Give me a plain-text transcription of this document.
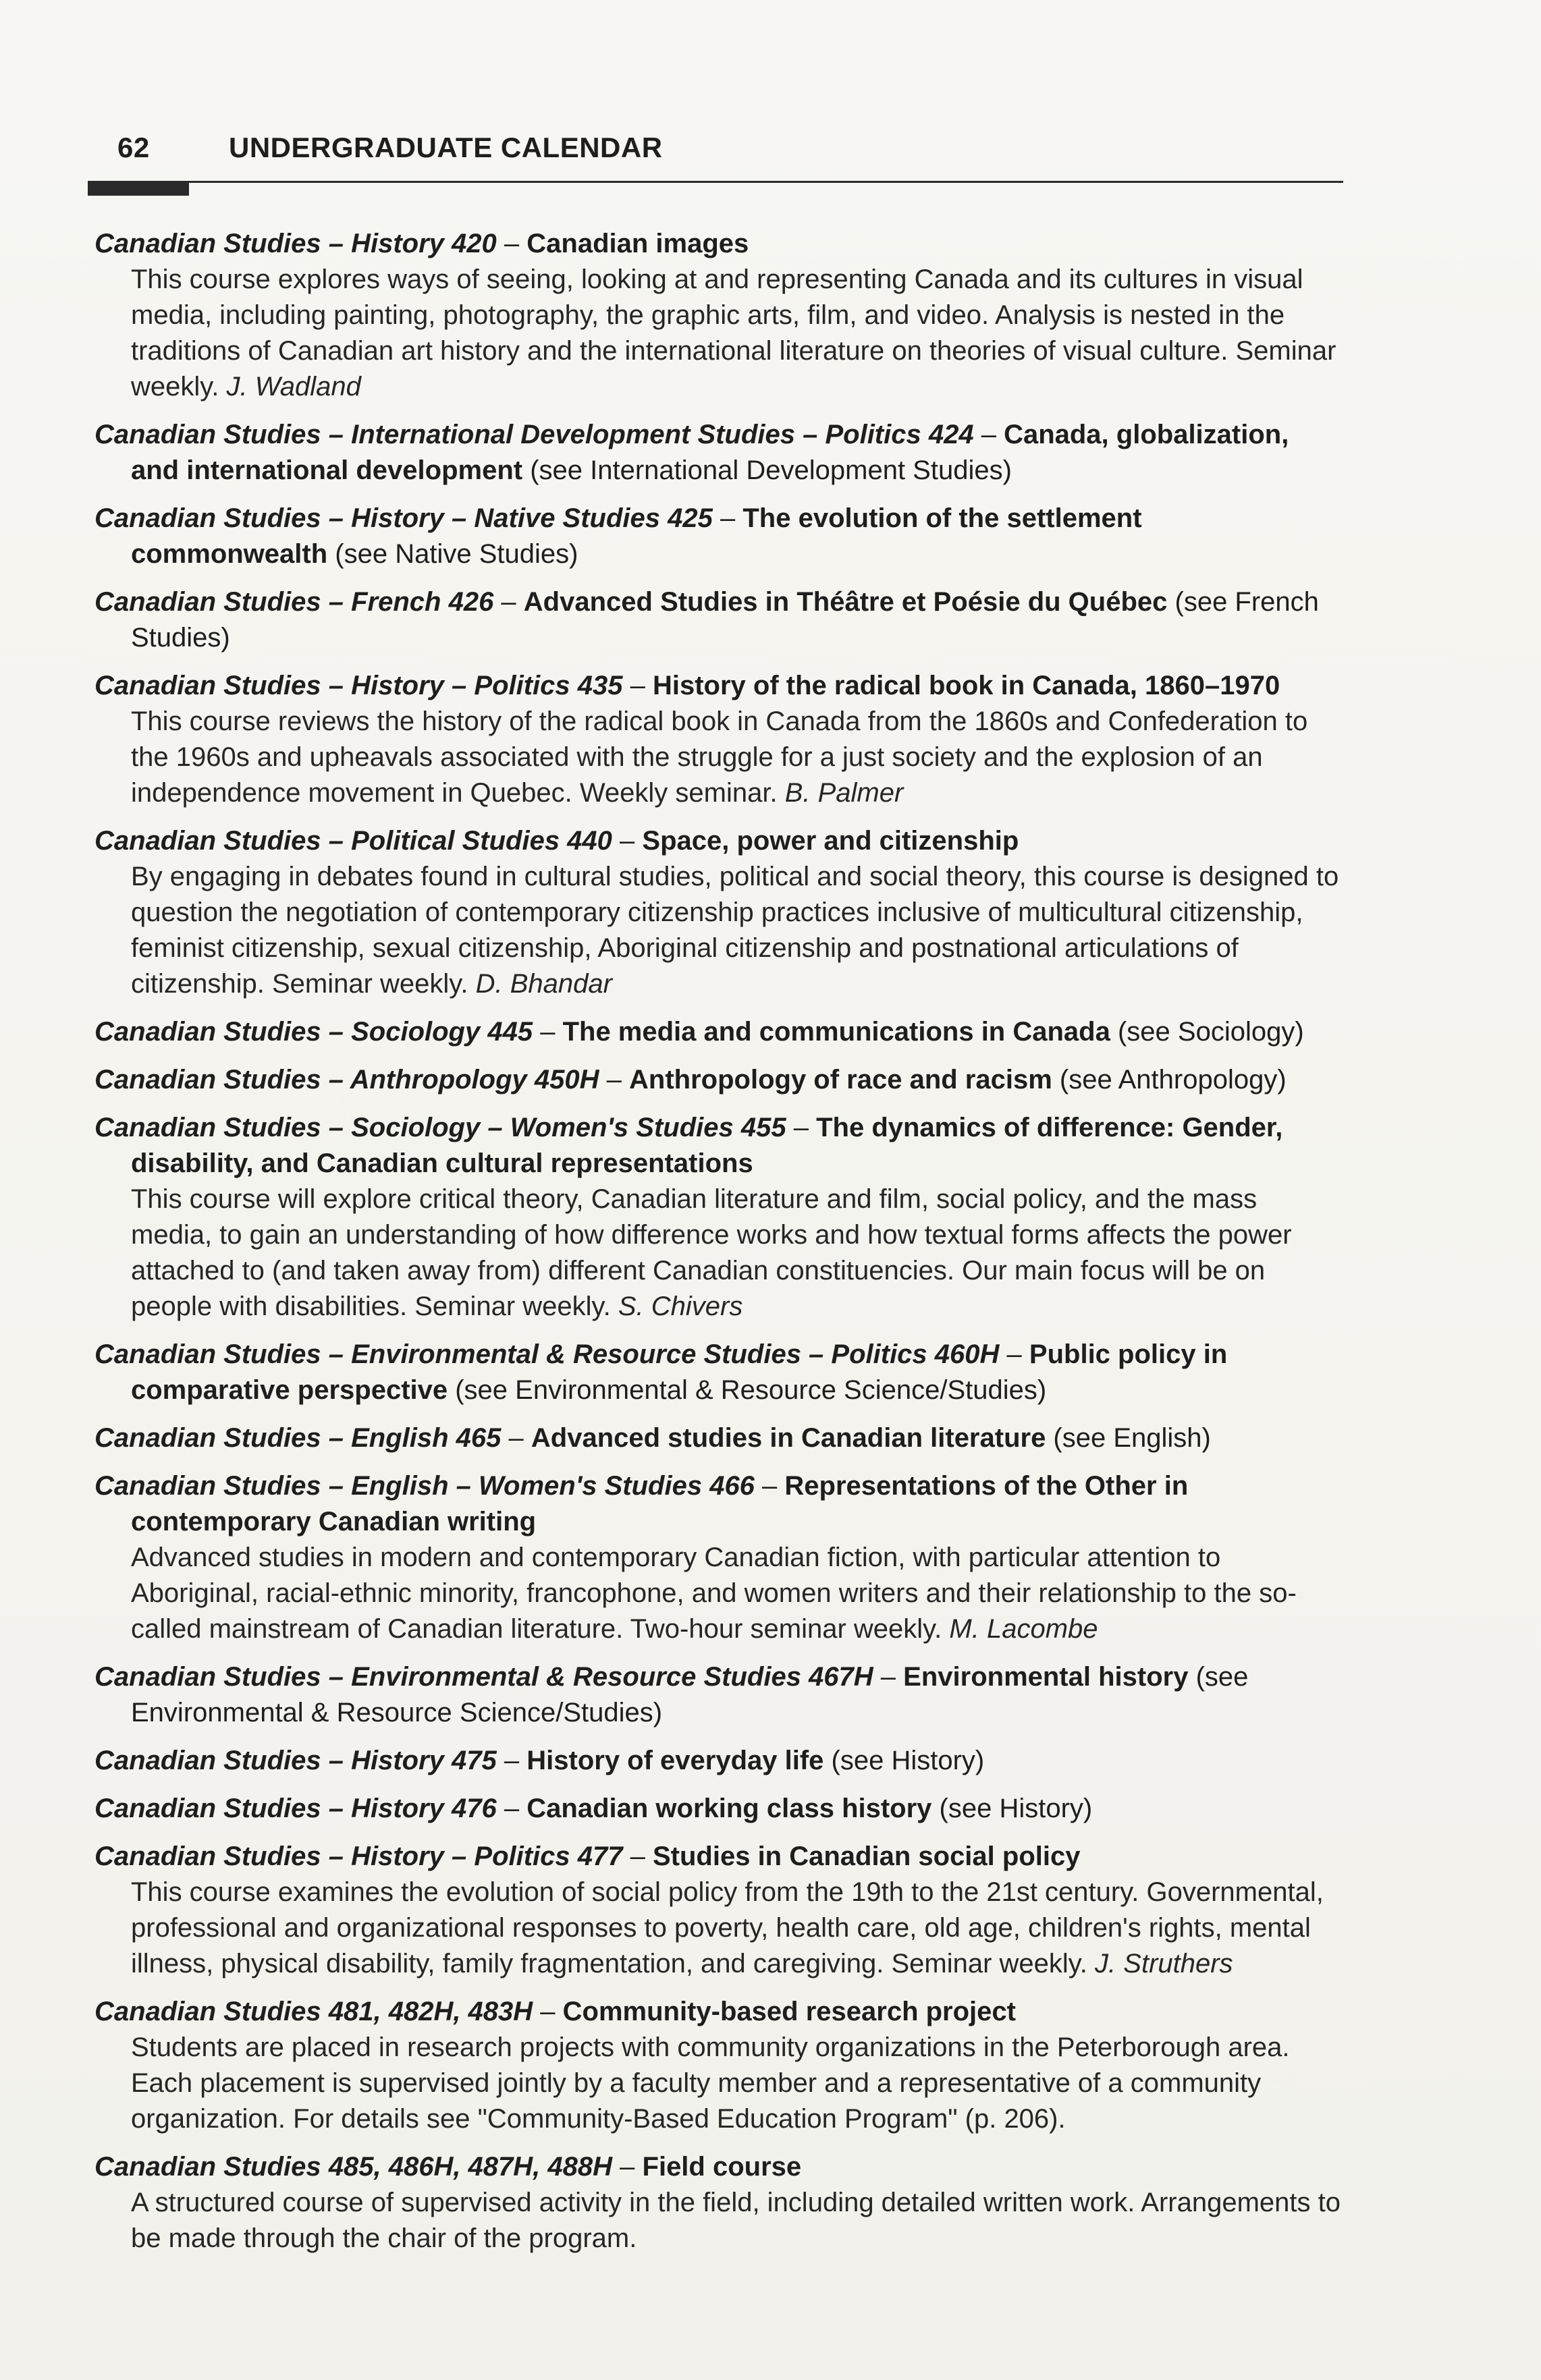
62	UNDERGRADUATE CALENDAR
Canadian Studies – History 420 – Canadian images
This course explores ways of seeing, looking at and representing Canada and its cultures in visual media, including painting, photography, the graphic arts, film, and video. Analysis is nested in the traditions of Canadian art history and the international literature on theories of visual culture. Seminar weekly. J. Wadland
Canadian Studies – International Development Studies – Politics 424 – Canada, globalization, and international development (see International Development Studies)
Canadian Studies – History – Native Studies 425 – The evolution of the settlement commonwealth (see Native Studies)
Canadian Studies – French 426 – Advanced Studies in Théâtre et Poésie du Québec (see French Studies)
Canadian Studies – History – Politics 435 – History of the radical book in Canada, 1860–1970
This course reviews the history of the radical book in Canada from the 1860s and Confederation to the 1960s and upheavals associated with the struggle for a just society and the explosion of an independence movement in Quebec. Weekly seminar. B. Palmer
Canadian Studies – Political Studies 440 – Space, power and citizenship
By engaging in debates found in cultural studies, political and social theory, this course is designed to question the negotiation of contemporary citizenship practices inclusive of multicultural citizenship, feminist citizenship, sexual citizenship, Aboriginal citizenship and postnational articulations of citizenship. Seminar weekly. D. Bhandar
Canadian Studies – Sociology 445 – The media and communications in Canada (see Sociology)
Canadian Studies – Anthropology 450H – Anthropology of race and racism (see Anthropology)
Canadian Studies – Sociology – Women's Studies 455 – The dynamics of difference: Gender, disability, and Canadian cultural representations
This course will explore critical theory, Canadian literature and film, social policy, and the mass media, to gain an understanding of how difference works and how textual forms affects the power attached to (and taken away from) different Canadian constituencies. Our main focus will be on people with disabilities. Seminar weekly. S. Chivers
Canadian Studies – Environmental & Resource Studies – Politics 460H – Public policy in comparative perspective (see Environmental & Resource Science/Studies)
Canadian Studies – English 465 – Advanced studies in Canadian literature (see English)
Canadian Studies – English – Women's Studies 466 – Representations of the Other in contemporary Canadian writing
Advanced studies in modern and contemporary Canadian fiction, with particular attention to Aboriginal, racial-ethnic minority, francophone, and women writers and their relationship to the so-called mainstream of Canadian literature. Two-hour seminar weekly. M. Lacombe
Canadian Studies – Environmental & Resource Studies 467H – Environmental history (see Environmental & Resource Science/Studies)
Canadian Studies – History 475 – History of everyday life (see History)
Canadian Studies – History 476 – Canadian working class history (see History)
Canadian Studies – History – Politics 477 – Studies in Canadian social policy
This course examines the evolution of social policy from the 19th to the 21st century. Governmental, professional and organizational responses to poverty, health care, old age, children's rights, mental illness, physical disability, family fragmentation, and caregiving. Seminar weekly. J. Struthers
Canadian Studies 481, 482H, 483H – Community-based research project
Students are placed in research projects with community organizations in the Peterborough area. Each placement is supervised jointly by a faculty member and a representative of a community organization. For details see "Community-Based Education Program" (p. 206).
Canadian Studies 485, 486H, 487H, 488H – Field course
A structured course of supervised activity in the field, including detailed written work. Arrangements to be made through the chair of the program.
